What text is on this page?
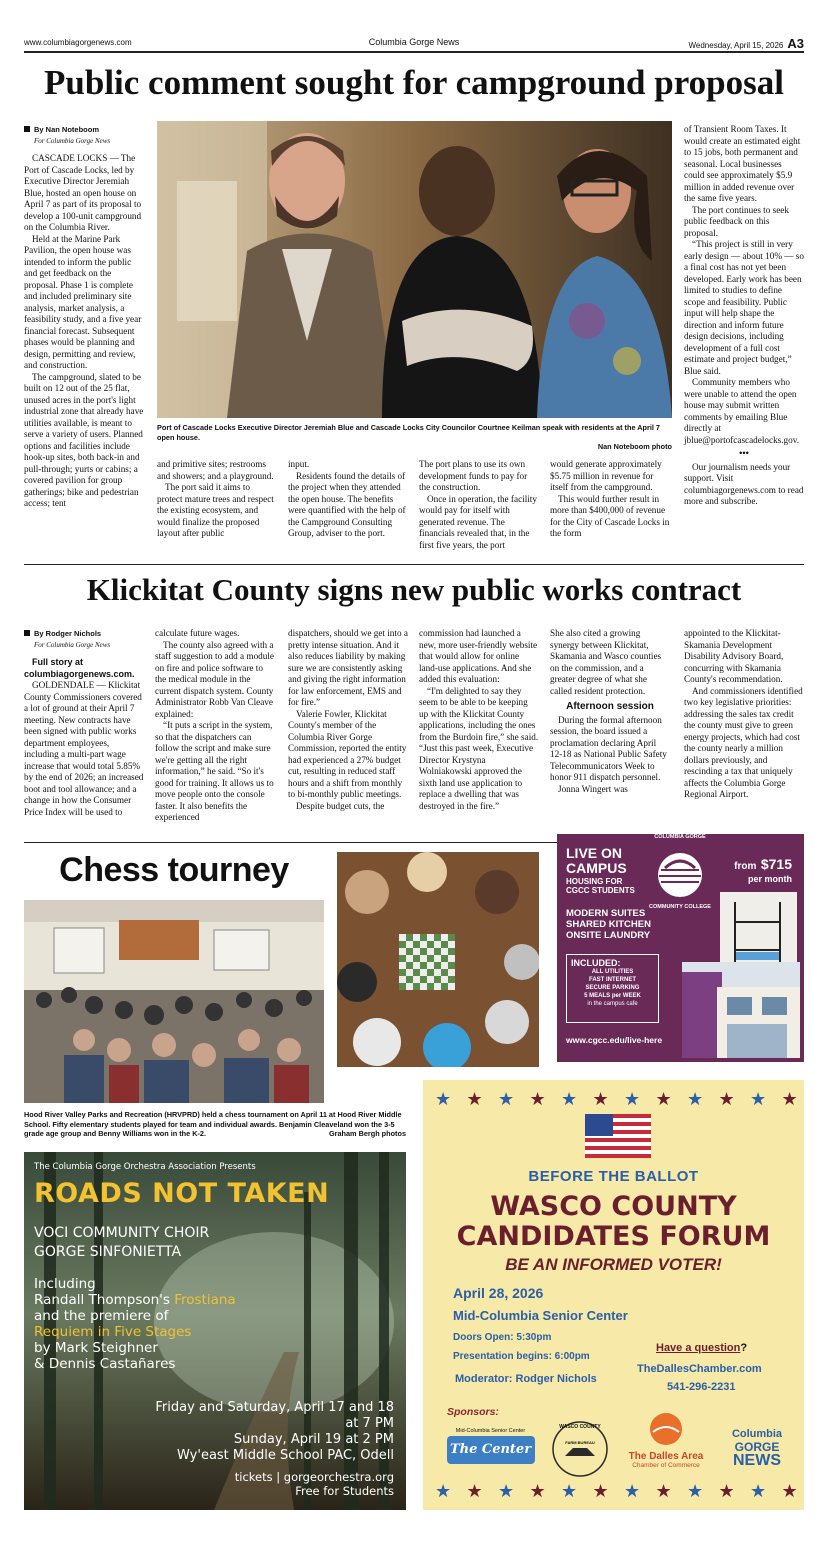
www.columbiagorgenews.com	Columbia Gorge News	Wednesday, April 15, 2026 A3
Public comment sought for campground proposal
By Nan Noteboom
For Columbia Gorge News

CASCADE LOCKS — The Port of Cascade Locks, led by Executive Director Jeremiah Blue, hosted an open house on April 7 as part of its proposal to develop a 100-unit campground on the Columbia River.

Held at the Marine Park Pavilion, the open house was intended to inform the public and get feedback on the proposal. Phase 1 is complete and included preliminary site analysis, market analysis, a feasibility study, and a five year financial forecast. Subsequent phases would be planning and design, permitting and review, and construction.

The campground, slated to be built on 12 out of the 25 flat, unused acres in the port's light industrial zone that already have utilities available, is meant to serve a variety of users. Planned options and facilities include hook-up sites, both back-in and pull-through; yurts or cabins; a covered pavilion for group gatherings; bike and pedestrian access; tent

Port of Cascade Locks Executive Director Jeremiah Blue and Cascade Locks City Councilor Courtnee Keilman speak with residents at the April 7 open house.
Nan Noteboom photo

and primitive sites; restrooms and showers; and a playground.

The port said it aims to protect mature trees and respect the existing ecosystem, and would finalize the proposed layout after public

input.

Residents found the details of the project when they attended the open house. The benefits were quantified with the help of the Campground Consulting Group, adviser to the port.

The port plans to use its own development funds to pay for the construction.

Once in operation, the facility would pay for itself with generated revenue. The financials revealed that, in the first five years, the port

would generate approximately $5.75 million in revenue for itself from the campground.

This would further result in more than $400,000 of revenue for the City of Cascade Locks in the form

of Transient Room Taxes. It would create an estimated eight to 15 jobs, both permanent and seasonal. Local businesses could see approximately $5.9 million in added revenue over the same five years.

The port continues to seek public feedback on this proposal.

“This project is still in very early design — about 10% — so a final cost has not yet been developed. Early work has been limited to studies to define scope and feasibility. Public input will help shape the direction and inform future design decisions, including development of a full cost estimate and project budget,” Blue said.

Community members who were unable to attend the open house may submit written comments by emailing Blue directly at jblue@portofcascadelocks.gov.

•••

Our journalism needs your support. Visit columbiagorgenews.com to read more and subscribe.

Klickitat County signs new public works contract
By Rodger Nichols
For Columbia Gorge News

Full story at columbiagorgenews.com.

GOLDENDALE — Klickitat County Commissioners covered a lot of ground at their April 7 meeting. New contracts have been signed with public works department employees, including a multi-part wage increase that would total 5.85% by the end of 2026; an increased boot and tool allowance; and a change in how the Consumer Price Index will be used to

calculate future wages.

The county also agreed with a staff suggestion to add a module on fire and police software to the medical module in the current dispatch system. County Administrator Robb Van Cleave explained:

“It puts a script in the system, so that the dispatchers can follow the script and make sure we're getting all the right information,” he said. “So it's good for training. It allows us to move people onto the console faster. It also benefits the experienced

dispatchers, should we get into a pretty intense situation. And it also reduces liability by making sure we are consistently asking and giving the right information for law enforcement, EMS and for fire.”

Valerie Fowler, Klickitat County's member of the Columbia River Gorge Commission, reported the entity had experienced a 27% budget cut, resulting in reduced staff hours and a shift from monthly to bi-monthly public meetings.

Despite budget cuts, the

commission had launched a new, more user-friendly website that would allow for online land-use applications. And she added this evaluation:

“I'm delighted to say they seem to be able to be keeping up with the Klickitat County applications, including the ones from the Burdoin fire,” she said. “Just this past week, Executive Director Krystyna Wolniakowski approved the sixth land use application to replace a dwelling that was destroyed in the fire.”

She also cited a growing synergy between Klickitat, Skamania and Wasco counties on the commission, and a greater degree of what she called resident protection.

Afternoon session

During the formal afternoon session, the board issued a proclamation declaring April 12-18 as National Public Safety Telecommunicators Week to honor 911 dispatch personnel.

Jonna Wingert was

appointed to the Klickitat-Skamania Development Disability Advisory Board, concurring with Skamania County's recommendation.

And commissioners identified two key legislative priorities: addressing the sales tax credit the county must give to green energy projects, which had cost the county nearly a million dollars previously, and rescinding a tax that uniquely affects the Columbia Gorge Regional Airport.

Chess tourney
Hood River Valley Parks and Recreation (HRVPRD) held a chess tournament on April 11 at Hood River Middle School. Fifty elementary students played for team and individual awards. Benjamin Cleaveland won the 3-5 grade age group and Benny Williams won in the K-2.	Graham Bergh photos
LIVE ON
CAMPUS
HOUSING FOR
CGCC STUDENTS
COLUMBIA GORGE
COMMUNITY COLLEGE
from $715
per month
MODERN SUITES
SHARED KITCHEN
ONSITE LAUNDRY
INCLUDED:
ALL UTILITIES
FAST INTERNET
SECURE PARKING
5 MEALS per WEEK
in the campus cafe
www.cgcc.edu/live-here
★ ★ ★ ★ ★ ★ ★ ★ ★ ★ ★ ★
BEFORE THE BALLOT
WASCO COUNTY
CANDIDATES FORUM
BE AN INFORMED VOTER!
April 28, 2026
Mid-Columbia Senior Center
Doors Open: 5:30pm
Presentation begins: 6:00pm
Moderator: Rodger Nichols
Have a question?
TheDallesChamber.com
541-296-2231
Sponsors:
Mid-Columbia Senior Center
The Center
WASCO COUNTY
FARM BUREAU
The Dalles Area
Chamber of Commerce
Columbia
GORGE
NEWS
★ ★ ★ ★ ★ ★ ★ ★ ★ ★ ★ ★
The Columbia Gorge Orchestra Association Presents
ROADS NOT TAKEN
VOCI COMMUNITY CHOIR
GORGE SINFONIETTA
Including
Randall Thompson's Frostiana
and the premiere of
Requiem in Five Stages
by Mark Steighner
& Dennis Castañares
Friday and Saturday, April 17 and 18
at 7 PM
Sunday, April 19 at 2 PM
Wy'east Middle School PAC, Odell
tickets | gorgeorchestra.org
Free for Students
